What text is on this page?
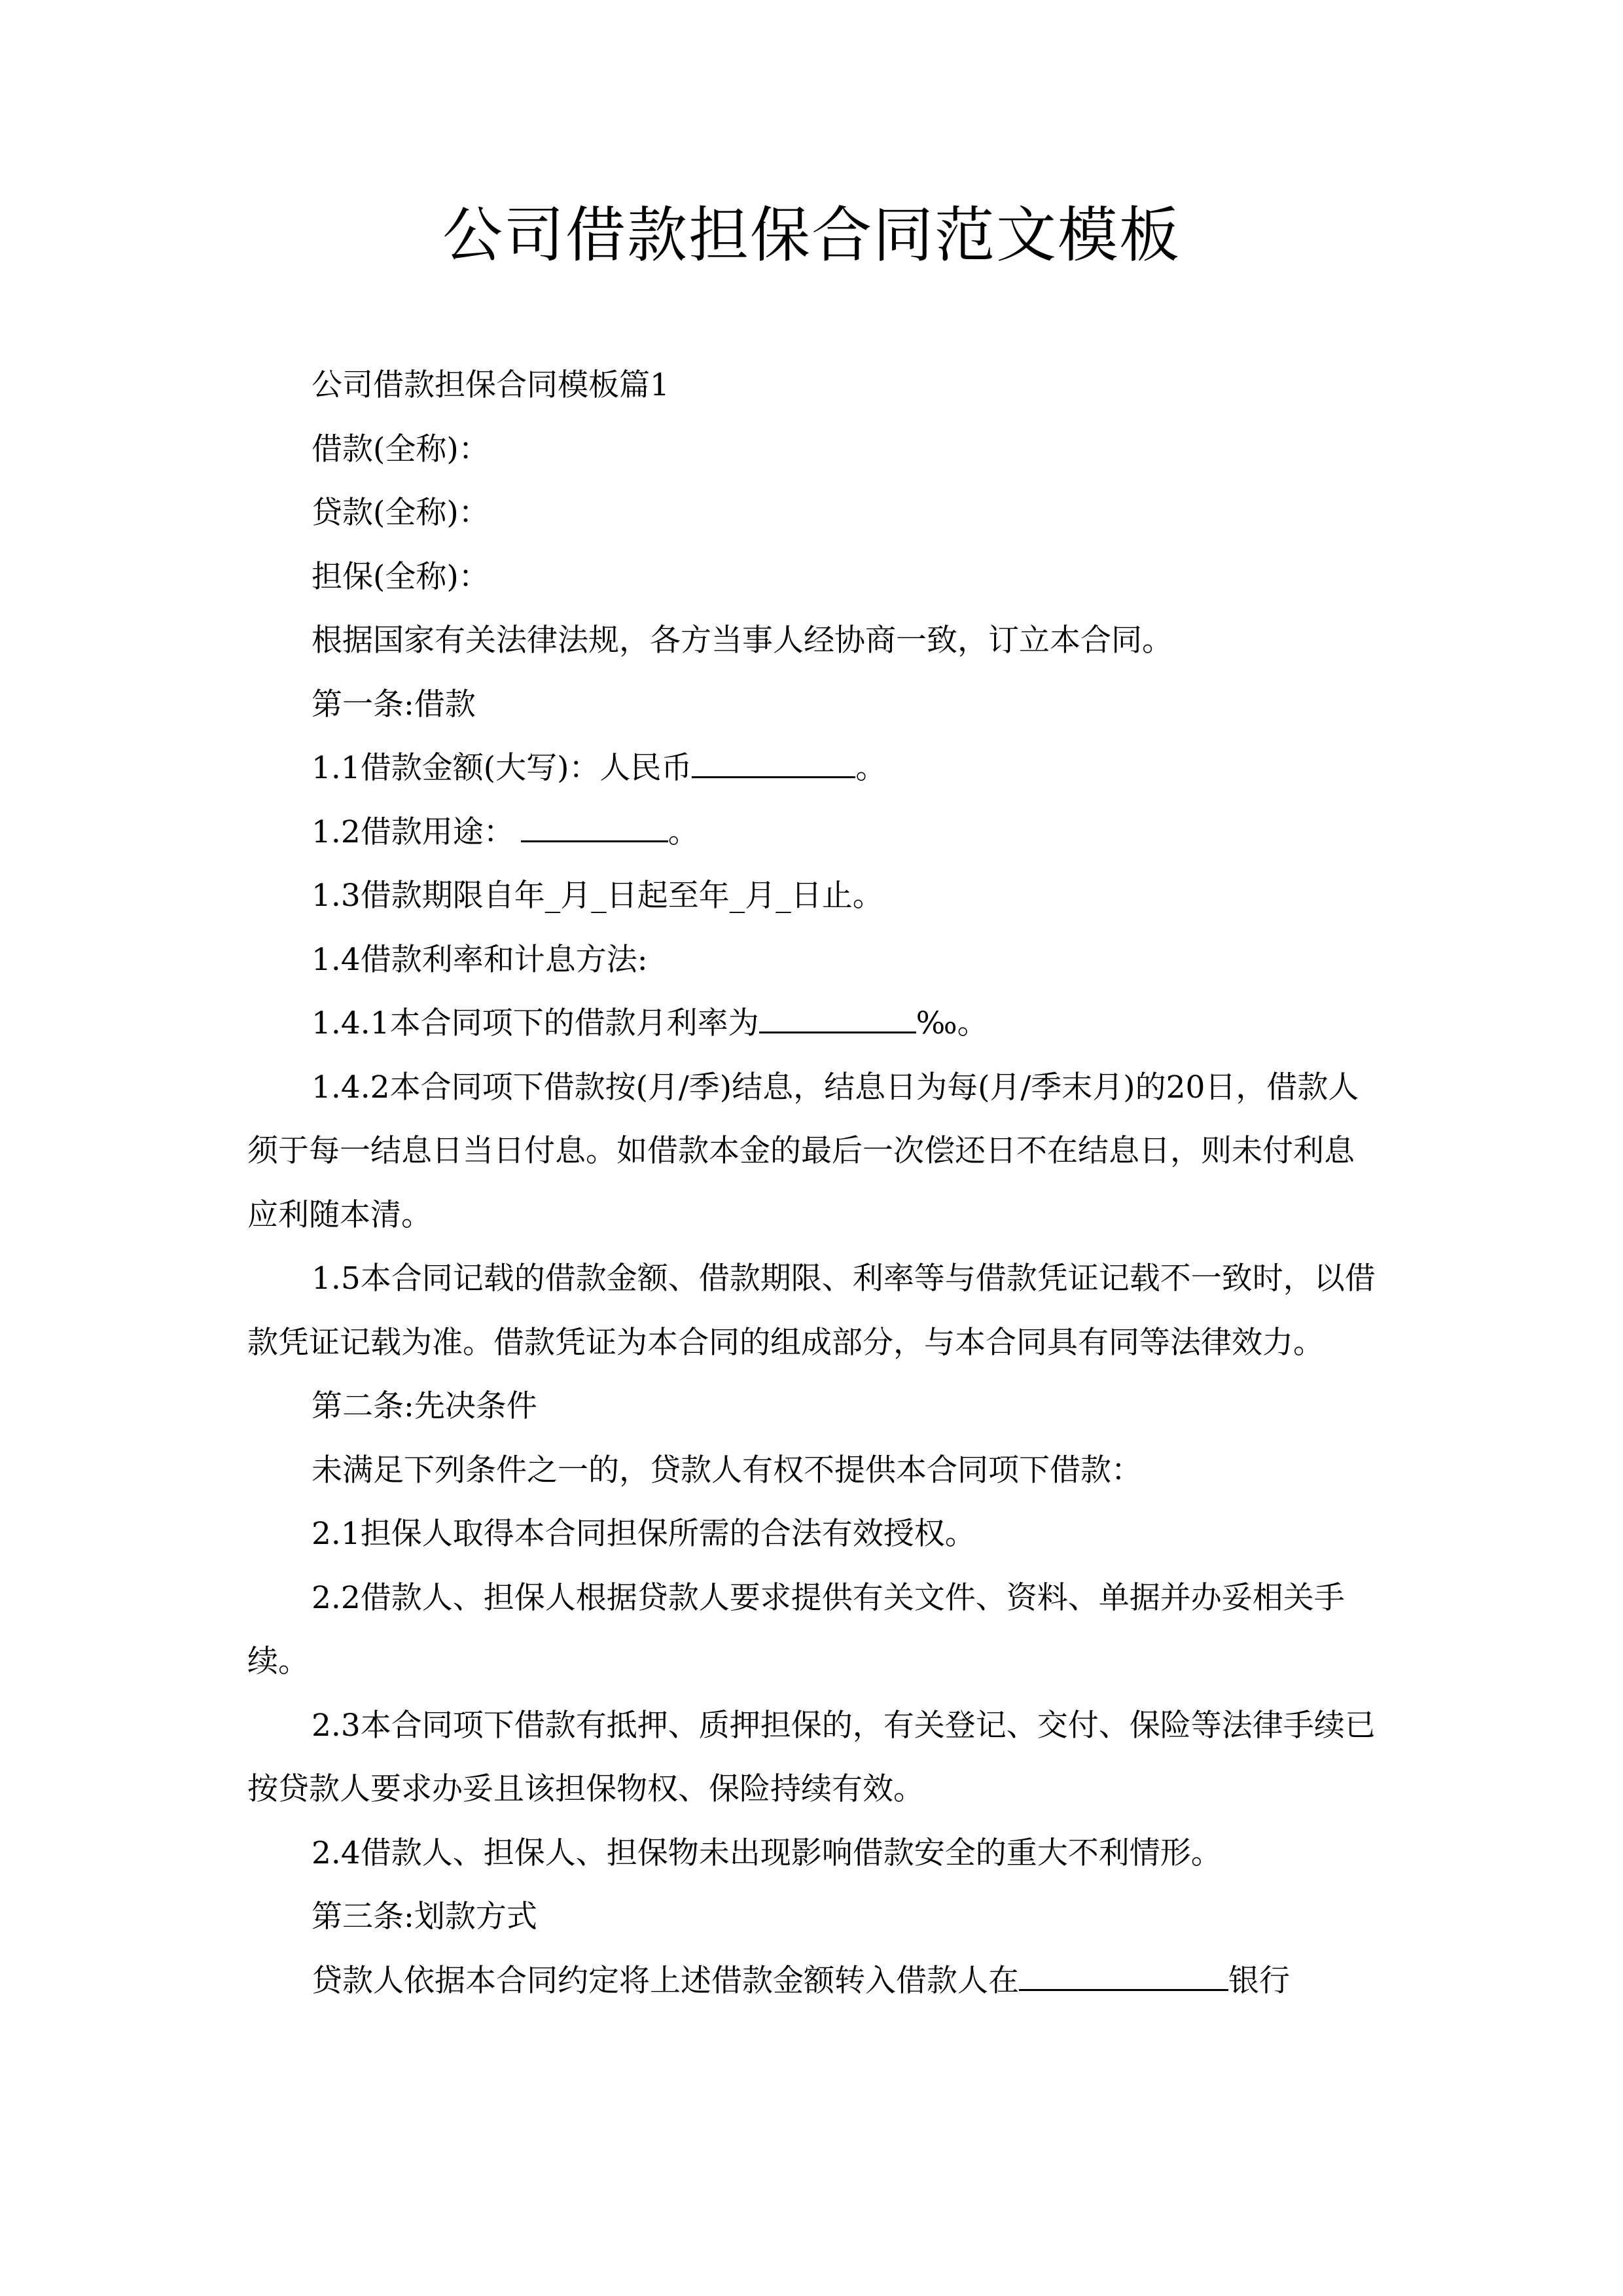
公司借款担保合同范文模板

公司借款担保合同模板篇1

借款(全称)：

贷款(全称)：

担保(全称)：

根据国家有关法律法规，各方当事人经协商一致，订立本合同。

第一条:借款

1.1借款金额(大写)：人民币	。

1.2借款用途：	。

1.3借款期限自年_月_日起至年_月_日止。

1.4借款利率和计息方法:

1.4.1本合同项下的借款月利率为	‰。

1.4.2本合同项下借款按(月/季)结息，结息日为每(月/季末月)的20日，借款人须于每一结息日当日付息。如借款本金的最后一次偿还日不在结息日，则未付利息应利随本清。

1.5本合同记载的借款金额、借款期限、利率等与借款凭证记载不一致时，以借款凭证记载为准。借款凭证为本合同的组成部分，与本合同具有同等法律效力。

第二条:先决条件

未满足下列条件之一的，贷款人有权不提供本合同项下借款：

2.1担保人取得本合同担保所需的合法有效授权。

2.2借款人、担保人根据贷款人要求提供有关文件、资料、单据并办妥相关手续。

2.3本合同项下借款有抵押、质押担保的，有关登记、交付、保险等法律手续已按贷款人要求办妥且该担保物权、保险持续有效。

2.4借款人、担保人、担保物未出现影响借款安全的重大不利情形。

第三条:划款方式

贷款人依据本合同约定将上述借款金额转入借款人在	银行
